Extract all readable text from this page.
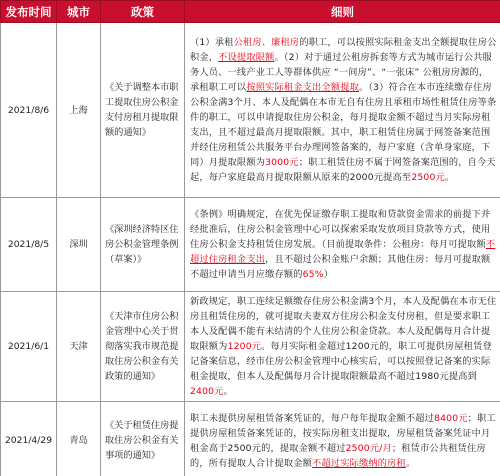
发布时间	城市	政策	细则
2021/8/6	上海	《关于调整本市职工提取住房公积金支付房租月提取限额的通知》	（1）承租公租房、廉租房的职工，可以按照实际租金支出全额提取住房公积金，不设提取限额。（2）对于通过公租房拆套等方式为城市运行公共服务人员、一线产业工人等群体供应 “一间房”、“一张床” 公租房房源的，承租职工可以按照实际租金支出全额提取。（3）符合在本市连续缴存住房公积金满3个月、本人及配偶在本市无自有住房且承租市场性租赁住房等条件的职工，可以申请提取住房公积金，每月提取金额不超过当月实际房租支出，且不超过最高月提取限额。其中，职工租赁住房属于网签备案范围并经住房租赁公共服务平台办理网签备案的，每户家庭（含单身家庭，下同）月提取限额为3000元；职工租赁住房不属于网签备案范围的，自今天起，每户家庭最高月提取限额从原来的2000元提高至2500元。
2021/8/5	深圳	《深圳经济特区住房公积金管理条例（草案）》	《条例》明确规定，在优先保证缴存职工提取和贷款资金需求的前提下并经批准后，住房公积金管理中心可以探索采取发放项目贷款等方式，使用住房公积金支持租赁住房发展。（目前提取条件：公租房：每月可提取额不超过住房租金支出，且不超过公积金账户余额；其他住房：每月可提取额不超过申请当月应缴存额的65%）
2021/6/1	天津	《天津市住房公积金管理中心关于贯彻落实我市规范提取住房公积金有关政策的通知》	新政规定，职工连续足额缴存住房公积金满3个月，本人及配偶在本市无住房且租赁住房的，就可提取夫妻双方住房公积金支付房租，但是要求职工本人及配偶不能有未结清的个人住房公积金贷款。本人及配偶每月合计提取限额为1200元。每月实际租金超过1200元的，职工可提供房屋租赁登记备案信息，经市住房公积金管理中心核实后，可以按照登记备案的实际租金提取，但本人及配偶每月合计提取限额最高不超过1980元提高到2400元。
2021/4/29	青岛	《关于租赁住房提取住房公积金有关事项的通知》	职工未提供房屋租赁备案凭证的，每户每年提取金额不超过8400元；职工提供房屋租赁备案凭证的，按实际房租支出提取，房屋租赁备案凭证中月租金高于2500元的，提取金额不超过2500元/月；租赁市公共租赁住房的，所有提取人合计提取金额不超过实际缴纳的房租。
